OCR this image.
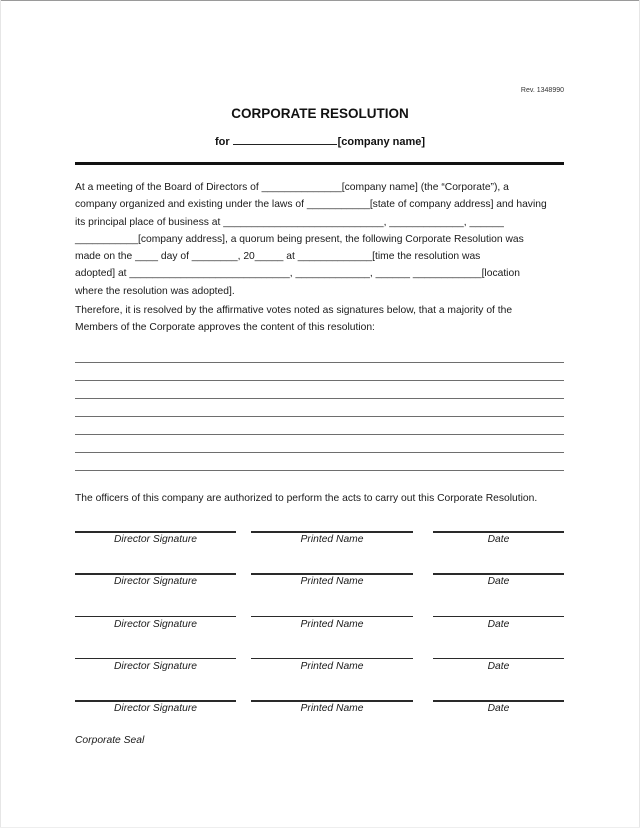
Rev. 1348990
CORPORATE RESOLUTION
for	[company name]
At a meeting of the Board of Directors of ______________[company name] (the “Corporate”), a
company organized and existing under the laws of ___________[state of company address] and having
its principal place of business at ____________________________, _____________, ______
___________[company address], a quorum being present, the following Corporate Resolution was
made on the ____ day of ________, 20_____ at _____________[time the resolution was
adopted] at ____________________________, _____________, ______ ____________[location
where the resolution was adopted].
Therefore, it is resolved by the affirmative votes noted as signatures below, that a majority of the
Members of the Corporate approves the content of this resolution:
The officers of this company are authorized to perform the acts to carry out this Corporate Resolution.
Director Signature	Printed Name	Date
Director Signature	Printed Name	Date
Director Signature	Printed Name	Date
Director Signature	Printed Name	Date
Director Signature	Printed Name	Date
Corporate Seal
